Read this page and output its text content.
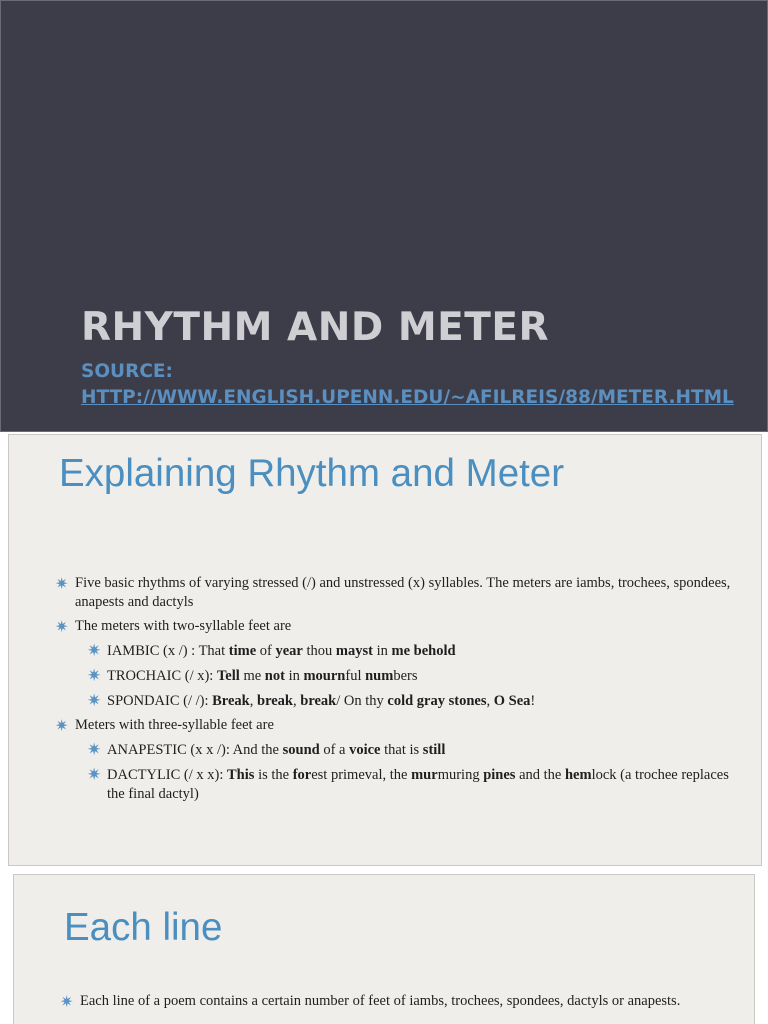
RHYTHM AND METER
SOURCE: HTTP://WWW.ENGLISH.UPENN.EDU/~AFILREIS/88/METER.HTML
Explaining Rhythm and Meter
✷ Five basic rhythms of varying stressed (/) and unstressed (x) syllables. The meters are iambs, trochees, spondees, anapests and dactyls
✷ The meters with two-syllable feet are
✷ IAMBIC (x /) : That time of year thou mayst in me behold
✷ TROCHAIC (/ x): Tell me not in mournful numbers
✷ SPONDAIC (/ /): Break, break, break/ On thy cold gray stones, O Sea!
✷ Meters with three-syllable feet are
✷ ANAPESTIC (x x /): And the sound of a voice that is still
✷ DACTYLIC (/ x x): This is the forest primeval, the murmuring pines and the hemlock (a trochee replaces the final dactyl)
Each line
✷ Each line of a poem contains a certain number of feet of iambs, trochees, spondees, dactyls or anapests.
